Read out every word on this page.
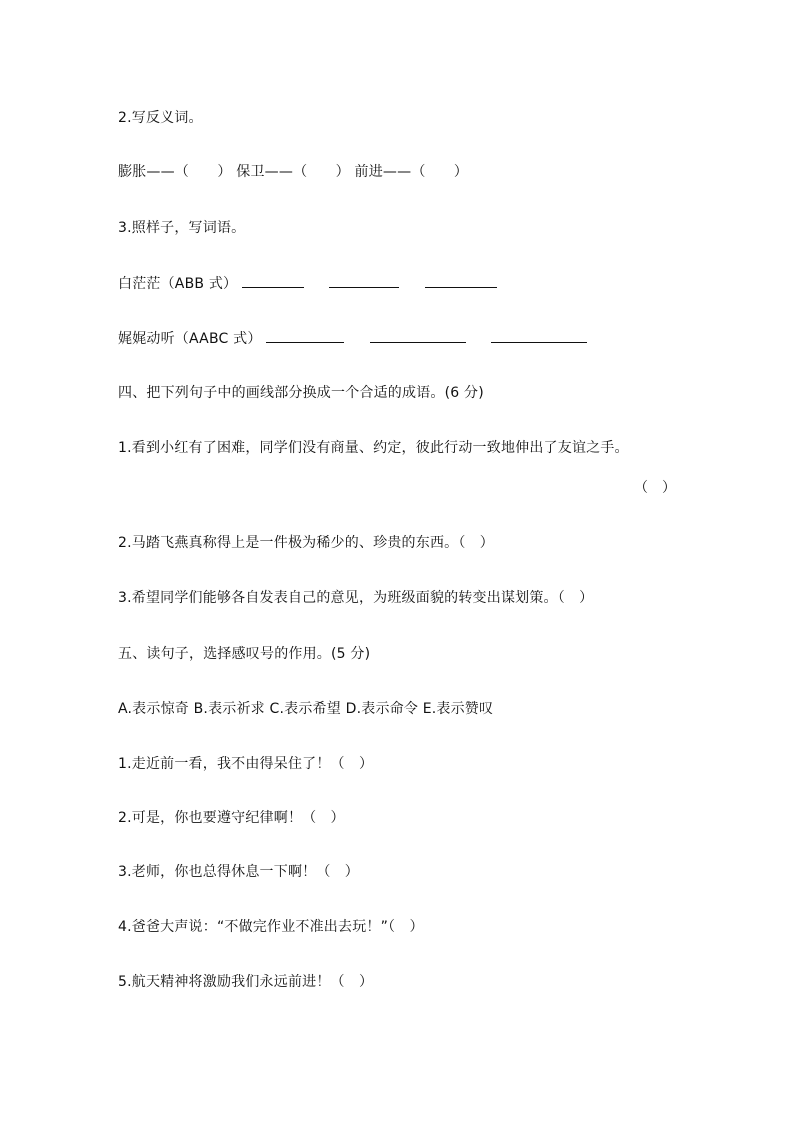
2.写反义词。
膨胀——（　　） 保卫——（　　） 前进——（　　）
3.照样子，写词语。
白茫茫（ABB 式）
娓娓动听（AABC 式）
四、把下列句子中的画线部分换成一个合适的成语。(6 分)
1.看到小红有了困难，同学们没有商量、约定，彼此行动一致地伸出了友谊之手。
（　）
2.马踏飞燕真称得上是一件极为稀少的、珍贵的东西。（　）
3.希望同学们能够各自发表自己的意见，为班级面貌的转变出谋划策。（　）
五、读句子，选择感叹号的作用。(5 分)
A.表示惊奇 B.表示祈求 C.表示希望 D.表示命令 E.表示赞叹
1.走近前一看，我不由得呆住了！（　）
2.可是，你也要遵守纪律啊！（　）
3.老师，你也总得休息一下啊！（　）
4.爸爸大声说：“不做完作业不准出去玩！”（　）
5.航天精神将激励我们永远前进！（　）
